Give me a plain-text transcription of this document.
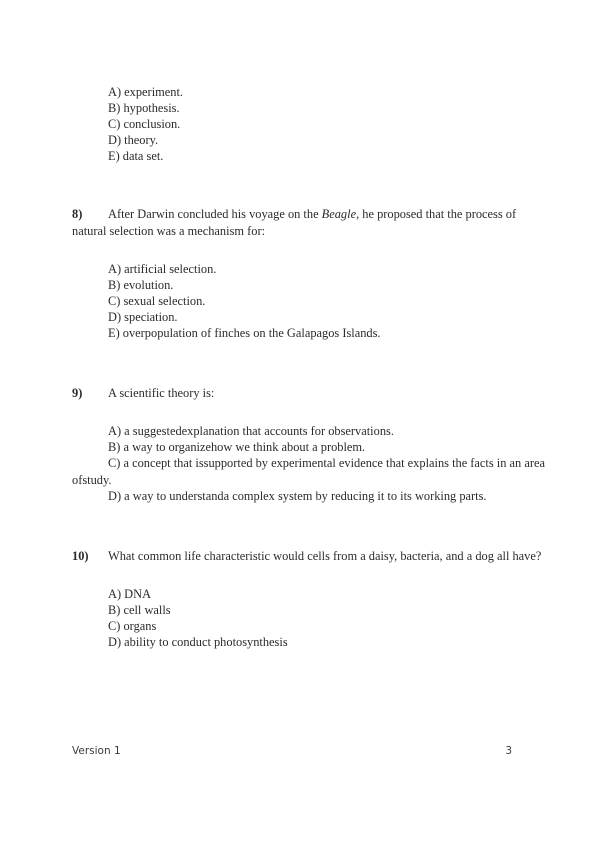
A) experiment.
B) hypothesis.
C) conclusion.
D) theory.
E) data set.
8) After Darwin concluded his voyage on the Beagle, he proposed that the process of natural selection was a mechanism for:
A) artificial selection.
B) evolution.
C) sexual selection.
D) speciation.
E) overpopulation of finches on the Galapagos Islands.
9) A scientific theory is:
A) a suggestedexplanation that accounts for observations.
B) a way to organizehow we think about a problem.
C) a concept that issupported by experimental evidence that explains the facts in an area ofstudy.
D) a way to understanda complex system by reducing it to its working parts.
10) What common life characteristic would cells from a daisy, bacteria, and a dog all have?
A) DNA
B) cell walls
C) organs
D) ability to conduct photosynthesis
Version 1	3
